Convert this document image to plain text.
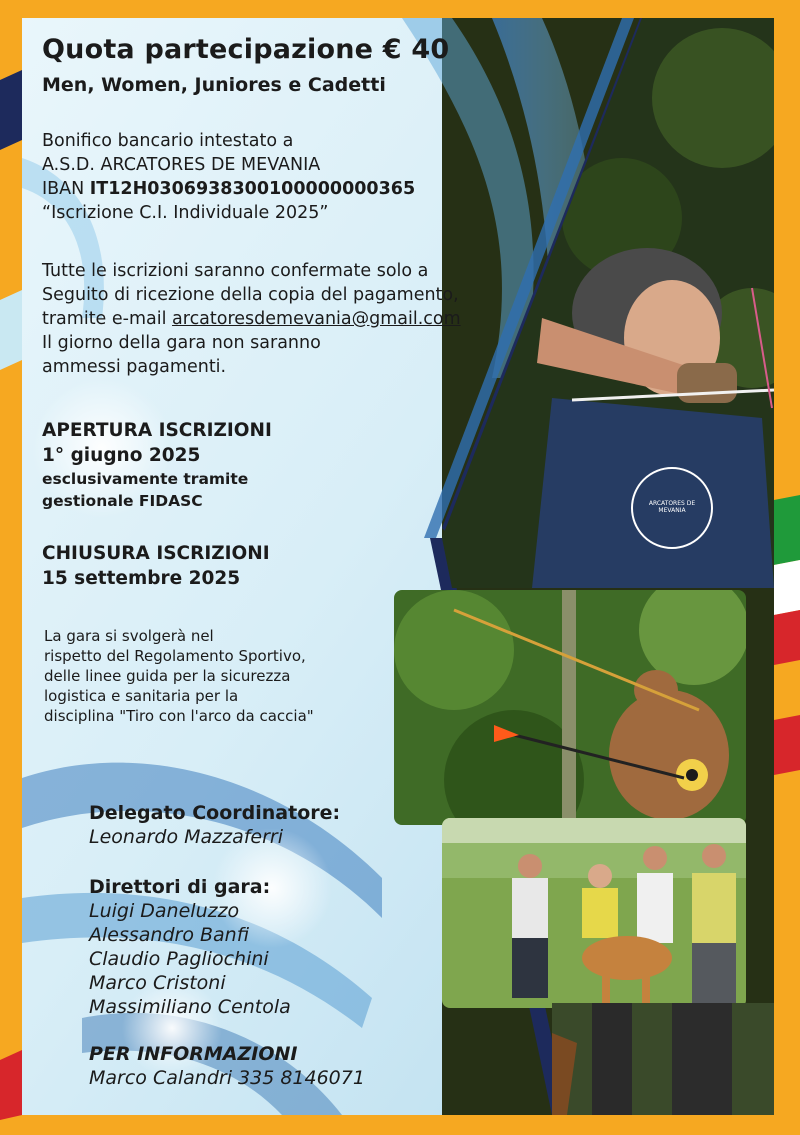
ARCATORES DE MEVANIA
Quota partecipazione € 40
Men, Women, Juniores e Cadetti
Bonifico bancario intestato a
A.S.D. ARCATORES DE MEVANIA
IBAN IT12H0306938300100000000365
“Iscrizione C.I. Individuale 2025”
Tutte le iscrizioni saranno confermate solo a
Seguito di ricezione della copia del pagamento,
tramite e-mail arcatoresdemevania@gmail.com
Il giorno della gara non saranno
ammessi pagamenti.
APERTURA ISCRIZIONI
1° giugno 2025
esclusivamente tramite
gestionale FIDASC
CHIUSURA ISCRIZIONI
15 settembre 2025
La gara si svolgerà nel
rispetto del Regolamento Sportivo,
delle linee guida per la sicurezza
logistica e sanitaria per la
disciplina "Tiro con l'arco da caccia"
Delegato Coordinatore:
Leonardo Mazzaferri
Direttori di gara:
Luigi Daneluzzo
Alessandro Banfi
Claudio Pagliochini
Marco Cristoni
Massimiliano Centola
PER INFORMAZIONI
Marco Calandri 335 8146071
